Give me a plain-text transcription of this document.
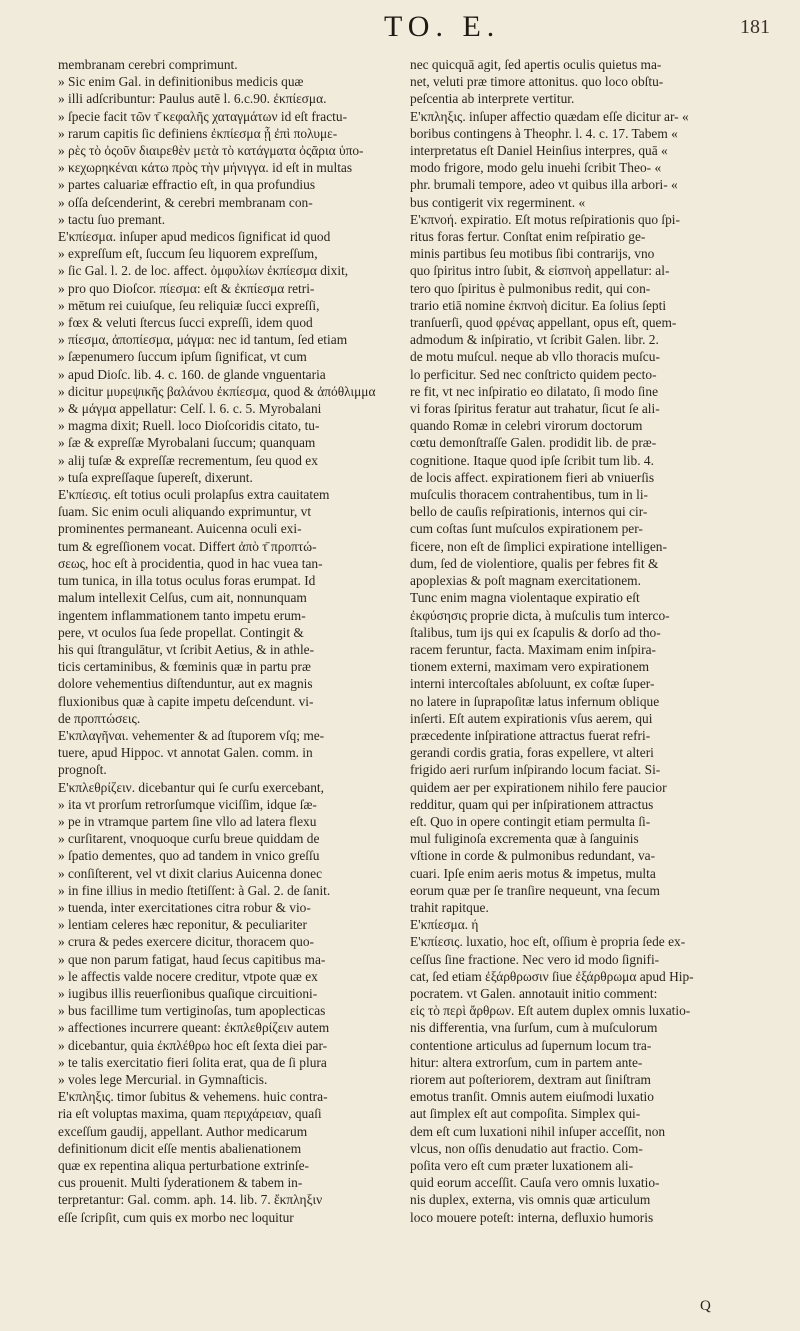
TO. E.	181
membranam cerebri comprimunt.
» Sic enim Gal. in definitionibus medicis quæ
» illi adſcribuntur: Paulus autē l. 6.c.90. ἐκπίεσμα.
» ſpecie facit τῶν τ̄ κεφαλῆς χαταγμάτων id eſt fractu-
» rarum capitis ſic definiens ἐκπίεσμα ᾗ ἐπὶ πολυμε-
» ρὲς τὸ ὀςοῦν διαιρεθὲν μετὰ τὸ κατάγματα ὀςᾶρια ὑπο-
» κεχωρηκέναι κάτω πρὸς τὴν μήνιγγα. id eſt in multas
» partes caluariæ effractio eſt, in qua profundius
» oſſa deſcenderint, & cerebri membranam con-
» tactu ſuo premant.
E'κπίεσμα. inſuper apud medicos ſignificat id quod
» expreſſum eſt, ſuccum ſeu liquorem expreſſum,
» ſic Gal. l. 2. de loc. affect. ὀμφυλίων ἐκπίεσμα dixit,
» pro quo Dioſcor. πίεσμα: eſt & ἐκπίεσμα retri-
» mētum rei cuiuſque, ſeu reliquiæ ſucci expreſſi,
» fœx & veluti ſtercus ſucci expreſſi, idem quod
» πίεσμα, ἀποπίεσμα, μάγμα: nec id tantum, ſed etiam
» ſæpenumero ſuccum ipſum ſignificat, vt cum
» apud Dioſc. lib. 4. c. 160. de glande vnguentaria
» dicitur μυρεψικῆς βαλάνου ἐκπίεσμα, quod & ἀπόθλιμμα
» & μάγμα appellatur: Celſ. l. 6. c. 5. Myrobalani
» magma dixit; Ruell. loco Dioſcoridis citato, tu-
» ſæ & expreſſæ Myrobalani ſuccum; quanquam
» alij tuſæ & expreſſæ recrementum, ſeu quod ex
» tuſa expreſſaque ſupereſt, dixerunt.
E'κπίεσις. eſt totius oculi prolapſus extra cauitatem
ſuam. Sic enim oculi aliquando exprimuntur, vt
prominentes permaneant. Auicenna oculi exi-
tum & egreſſionem vocat. Differt ἀπὸ τ̄ προπτώ-
σεως, hoc eſt à procidentia, quod in hac vuea tan-
tum tunica, in illa totus oculus foras erumpat. Id
malum intellexit Celſus, cum ait, nonnunquam
ingentem inflammationem tanto impetu erum-
pere, vt oculos ſua ſede propellat. Contingit &
his qui ſtrangulātur, vt ſcribit Aetius, & in athle-
ticis certaminibus, & fœminis quæ in partu præ
dolore vehementius diſtenduntur, aut ex magnis
fluxionibus quæ à capite impetu deſcendunt. vi-
de προπτώσεις.
E'κπλαγῆναι. vehementer & ad ſtuporem vſq; me-
tuere, apud Hippoc. vt annotat Galen. comm. in
prognoſt.
E'κπλεθρίζειν. dicebantur qui ſe curſu exercebant,
» ita vt prorſum retrorſumque viciſſim, idque ſæ-
» pe in vtramque partem ſine vllo ad latera flexu
» curſitarent, vnoquoque curſu breue quiddam de
» ſpatio dementes, quo ad tandem in vnico greſſu
» conſiſterent, vel vt dixit clarius Auicenna donec
» in fine illius in medio ſtetiſſent: à Gal. 2. de ſanit.
» tuenda, inter exercitationes citra robur & vio-
» lentiam celeres hæc reponitur, & peculiariter
» crura & pedes exercere dicitur, thoracem quo-
» que non parum fatigat, haud ſecus capitibus ma-
» le affectis valde nocere creditur, vtpote quæ ex
» iugibus illis reuerſionibus quaſique circuitioni-
» bus facillime tum vertiginoſas, tum apoplecticas
» affectiones incurrere queant: ἐκπλεθρίζειν autem
» dicebantur, quia ἐκπλέθρω hoc eſt ſexta diei par-
» te talis exercitatio fieri ſolita erat, qua de ſi plura
» voles lege Mercurial. in Gymnaſticis.
E'κπληξις. timor ſubitus & vehemens. huic contra-
ria eſt voluptas maxima, quam περιχάρειαν, quaſi
exceſſum gaudij, appellant. Author medicarum
definitionum dicit eſſe mentis abalienationem
quæ ex repentina aliqua perturbatione extrinſe-
cus prouenit. Multi ſyderationem & tabem in-
terpretantur: Gal. comm. aph. 14. lib. 7. ἔκπληξιν
eſſe ſcripſit, cum quis ex morbo nec loquitur
nec quicquā agit, ſed apertis oculis quietus ma-
net, veluti præ timore attonitus. quo loco obſtu-
peſcentia ab interprete vertitur.
E'κπληξις. inſuper affectio quædam eſſe dicitur ar- «
boribus contingens à Theophr. l. 4. c. 17. Tabem «
interpretatus eſt Daniel Heinſius interpres, quā «
modo frigore, modo gelu inuehi ſcribit Theo- «
phr. brumali tempore, adeo vt quibus illa arbori- «
bus contigerit vix regerminent. «
E'κπνοή. expiratio. Eſt motus reſpirationis quo ſpi-
ritus foras fertur. Conſtat enim reſpiratio ge-
minis partibus ſeu motibus ſibi contrarijs, vno
quo ſpiritus intro ſubit, & εἰσπνοὴ appellatur: al-
tero quo ſpiritus è pulmonibus redit, qui con-
trario etiā nomine ἐκπνοὴ dicitur. Ea ſolius ſepti
tranſuerſi, quod φρένας appellant, opus eſt, quem-
admodum & inſpiratio, vt ſcribit Galen. libr. 2.
de motu muſcul. neque ab vllo thoracis muſcu-
lo perficitur. Sed nec conſtricto quidem pecto-
re fit, vt nec inſpiratio eo dilatato, ſi modo ſine
vi foras ſpiritus feratur aut trahatur, ſicut ſe ali-
quando Romæ in celebri virorum doctorum
cœtu demonſtraſſe Galen. prodidit lib. de præ-
cognitione. Itaque quod ipſe ſcribit tum lib. 4.
de locis affect. expirationem fieri ab vniuerſis
muſculis thoracem contrahentibus, tum in li-
bello de cauſis reſpirationis, internos qui cir-
cum coſtas ſunt muſculos expirationem per-
ficere, non eſt de ſimplici expiratione intelligen-
dum, ſed de violentiore, qualis per febres fit &
apoplexias & poſt magnam exercitationem.
Tunc enim magna violentaque expiratio eſt
ἐκφύσησις proprie dicta, à muſculis tum interco-
ſtalibus, tum ijs qui ex ſcapulis & dorſo ad tho-
racem feruntur, facta. Maximam enim inſpira-
tionem externi, maximam vero expirationem
interni intercoſtales abſoluunt, ex coſtæ ſuper-
no latere in ſuprapoſitæ latus infernum oblique
inſerti. Eſt autem expirationis vſus aerem, qui
præcedente inſpiratione attractus fuerat refri-
gerandi cordis gratia, foras expellere, vt alteri
frigido aeri rurſum inſpirando locum faciat. Si-
quidem aer per expirationem nihilo fere paucior
redditur, quam qui per inſpirationem attractus
eſt. Quo in opere contingit etiam permulta ſi-
mul fuliginoſa excrementa quæ à ſanguinis
vſtione in corde & pulmonibus redundant, va-
cuari. Ipſe enim aeris motus & impetus, multa
eorum quæ per ſe tranſire nequeunt, vna ſecum
trahit rapitque.
E'κπίεσμα. ή
E'κπίεσις. luxatio, hoc eſt, oſſium è propria ſede ex-
ceſſus ſine fractione. Nec vero id modo ſignifi-
cat, ſed etiam ἐξάρθρωσιν ſiue ἐξάρθρωμα apud Hip-
pocratem. vt Galen. annotauit initio comment:
εἰς τὸ περὶ ἄρθρων. Eſt autem duplex omnis luxatio-
nis differentia, vna ſurſum, cum à muſculorum
contentione articulus ad ſupernum locum tra-
hitur: altera extrorſum, cum in partem ante-
riorem aut poſteriorem, dextram aut ſiniſtram
emotus tranſit. Omnis autem eiuſmodi luxatio
aut ſimplex eſt aut compoſita. Simplex qui-
dem eſt cum luxationi nihil inſuper acceſſit, non
vlcus, non oſſis denudatio aut fractio. Com-
poſita vero eſt cum præter luxationem ali-
quid eorum acceſſit. Cauſa vero omnis luxatio-
nis duplex, externa, vis omnis quæ articulum
loco mouere poteſt: interna, defluxio humoris
Q
